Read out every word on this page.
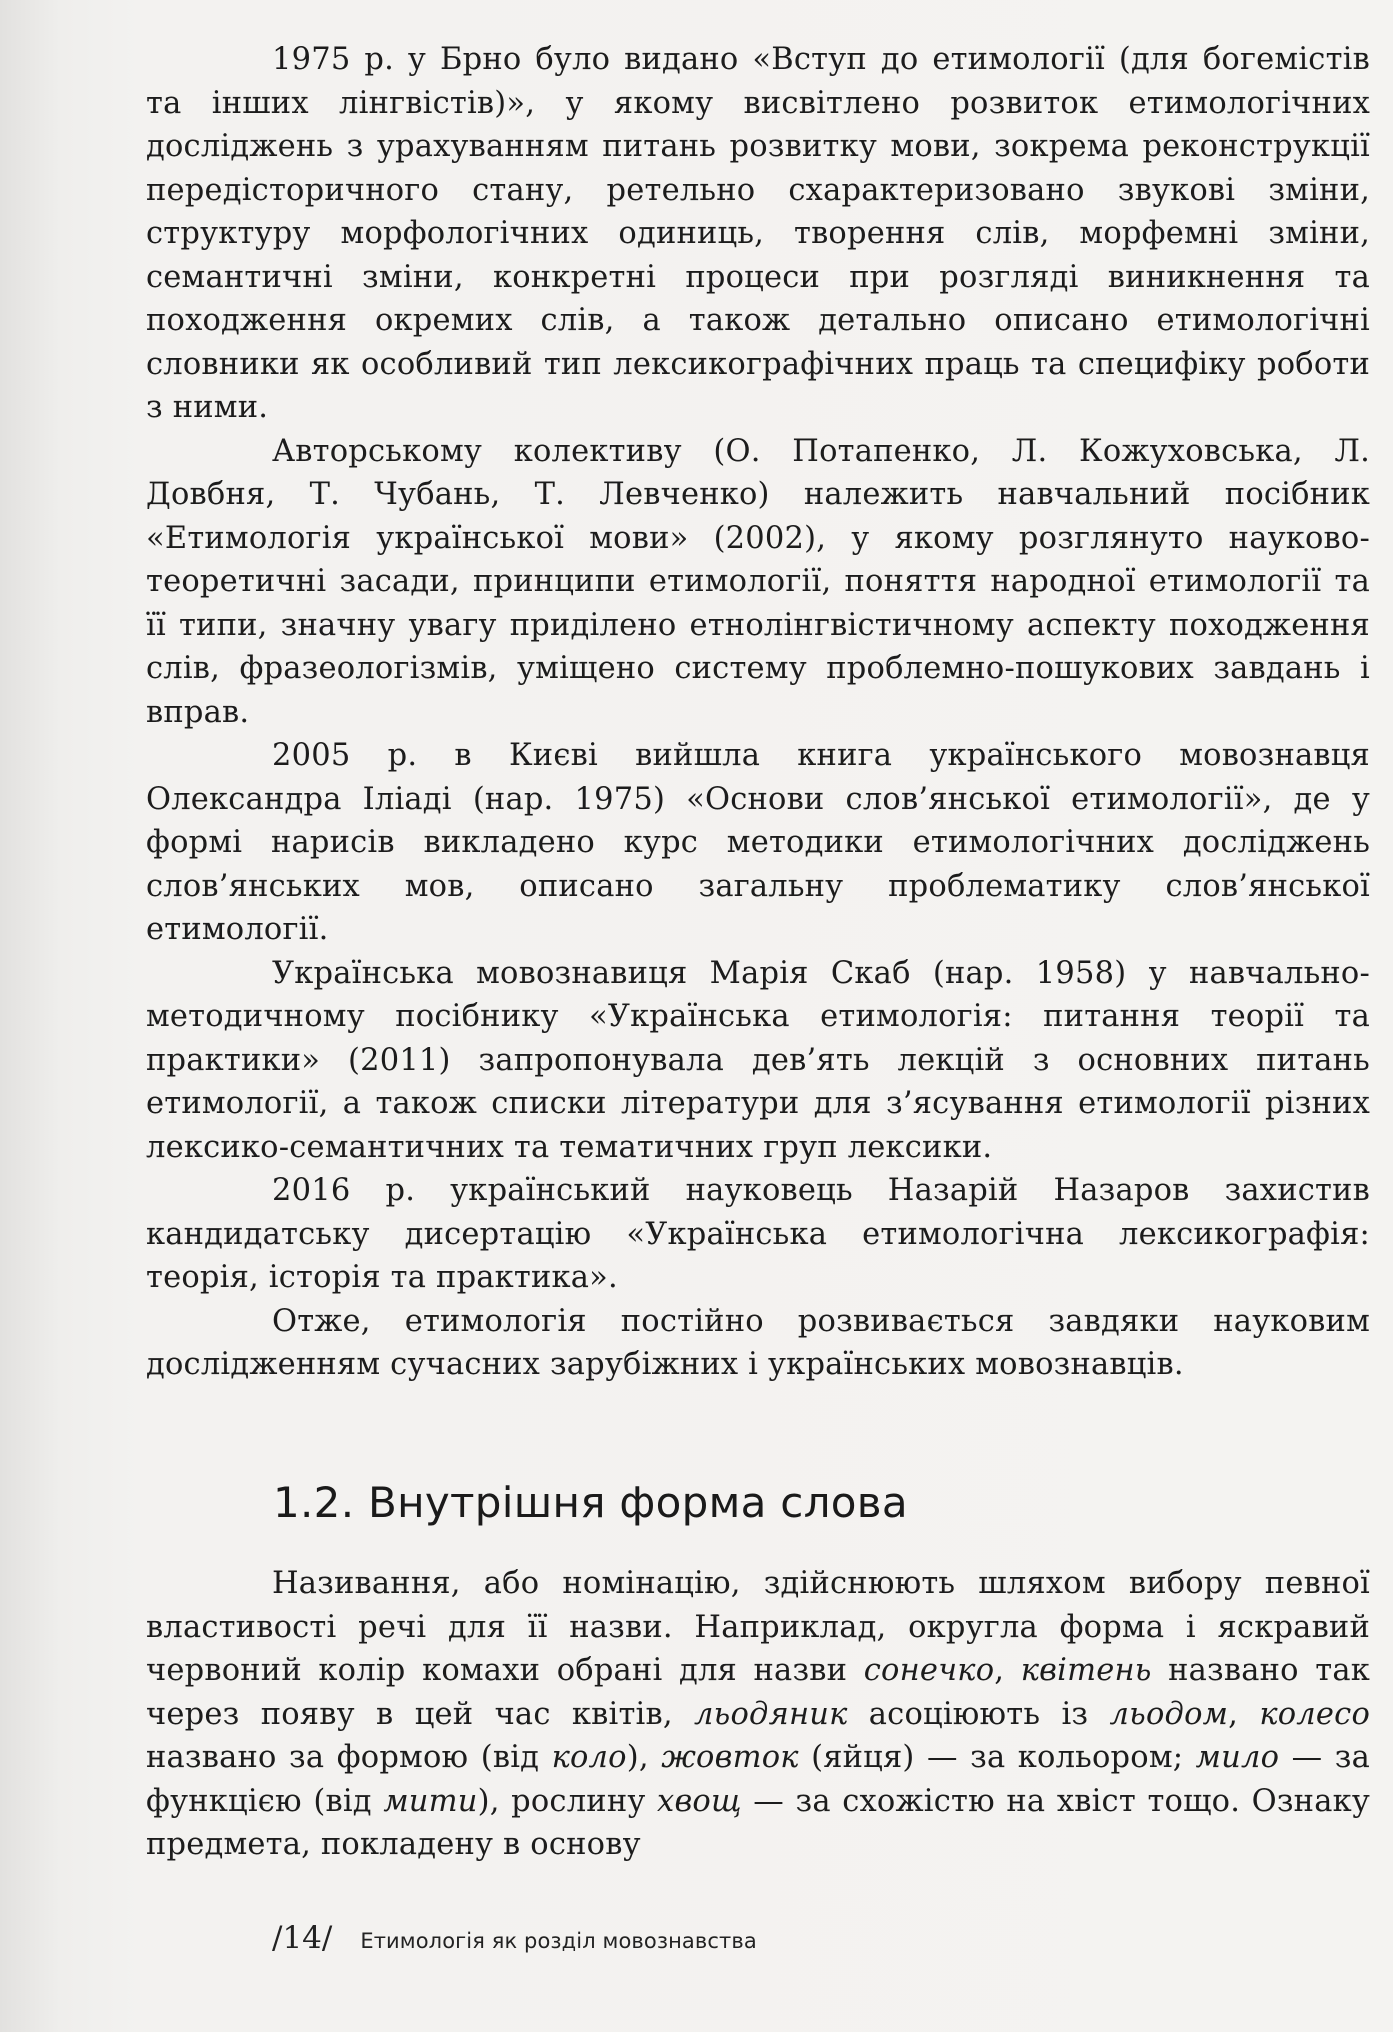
1975 р. у Брно було видано «Вступ до етимології (для богемістів та інших лінгвістів)», у якому висвітлено розвиток етимологічних досліджень з урахуванням питань розвитку мови, зокрема реконструкції передісторичного стану, ретельно схарактеризовано звукові зміни, структуру морфологічних одиниць, творення слів, морфемні зміни, семантичні зміни, конкретні процеси при розгляді виникнення та походження окремих слів, а також детально описано етимологічні словники як особливий тип лексикографічних праць та специфіку роботи з ними.

Авторському колективу (О. Потапенко, Л. Кожуховська, Л. Довбня, Т. Чубань, Т. Левченко) належить навчальний посібник «Етимологія української мови» (2002), у якому розглянуто науково-теоретичні засади, принципи етимології, поняття народної етимології та її типи, значну увагу приділено етнолінгвістичному аспекту походження слів, фразеологізмів, уміщено систему проблемно-пошукових завдань і вправ.

2005 р. в Києві вийшла книга українського мовознавця Олександра Іліаді (нар. 1975) «Основи слов’янської етимології», де у формі нарисів викладено курс методики етимологічних досліджень слов’янських мов, описано загальну проблематику слов’янської етимології.

Українська мовознавиця Марія Скаб (нар. 1958) у навчально-методичному посібнику «Українська етимологія: питання теорії та практики» (2011) запропонувала дев’ять лекцій з основних питань етимології, а також списки літератури для з’ясування етимології різних лексико-семантичних та тематичних груп лексики.

2016 р. український науковець Назарій Назаров захистив кандидатську дисертацію «Українська етимологічна лексикографія: теорія, історія та практика».

Отже, етимологія постійно розвивається завдяки науковим дослідженням сучасних зарубіжних і українських мовознавців.

1.2. Внутрішня форма слова

Називання, або номінацію, здійснюють шляхом вибору певної властивості речі для її назви. Наприклад, округла форма і яскравий червоний колір комахи обрані для назви сонечко, квітень названо так через появу в цей час квітів, льодяник асоціюють із льодом, колесо названо за формою (від коло), жовток (яйця) — за кольором; мило — за функцією (від мити), рослину хвощ — за схожістю на хвіст тощо. Ознаку предмета, покладену в основу

/14/ Етимологія як розділ мовознавства
